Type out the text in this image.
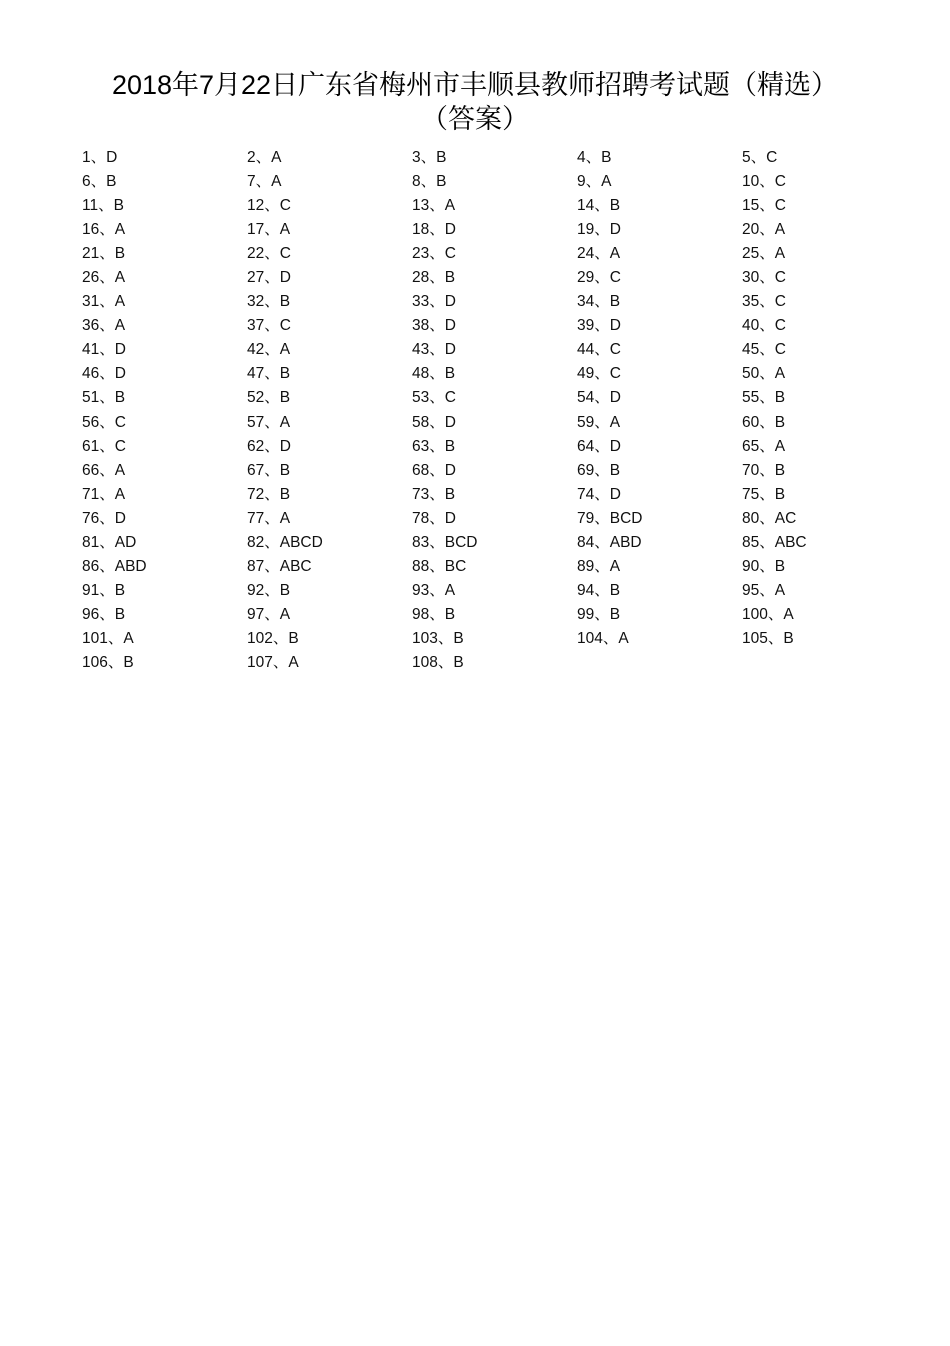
2018年7月22日广东省梅州市丰顺县教师招聘考试题（精选）
（答案）
1、D	2、A	3、B	4、B	5、C
6、B	7、A	8、B	9、A	10、C
11、B	12、C	13、A	14、B	15、C
16、A	17、A	18、D	19、D	20、A
21、B	22、C	23、C	24、A	25、A
26、A	27、D	28、B	29、C	30、C
31、A	32、B	33、D	34、B	35、C
36、A	37、C	38、D	39、D	40、C
41、D	42、A	43、D	44、C	45、C
46、D	47、B	48、B	49、C	50、A
51、B	52、B	53、C	54、D	55、B
56、C	57、A	58、D	59、A	60、B
61、C	62、D	63、B	64、D	65、A
66、A	67、B	68、D	69、B	70、B
71、A	72、B	73、B	74、D	75、B
76、D	77、A	78、D	79、BCD	80、AC
81、AD	82、ABCD	83、BCD	84、ABD	85、ABC
86、ABD	87、ABC	88、BC	89、A	90、B
91、B	92、B	93、A	94、B	95、A
96、B	97、A	98、B	99、B	100、A
101、A	102、B	103、B	104、A	105、B
106、B	107、A	108、B
